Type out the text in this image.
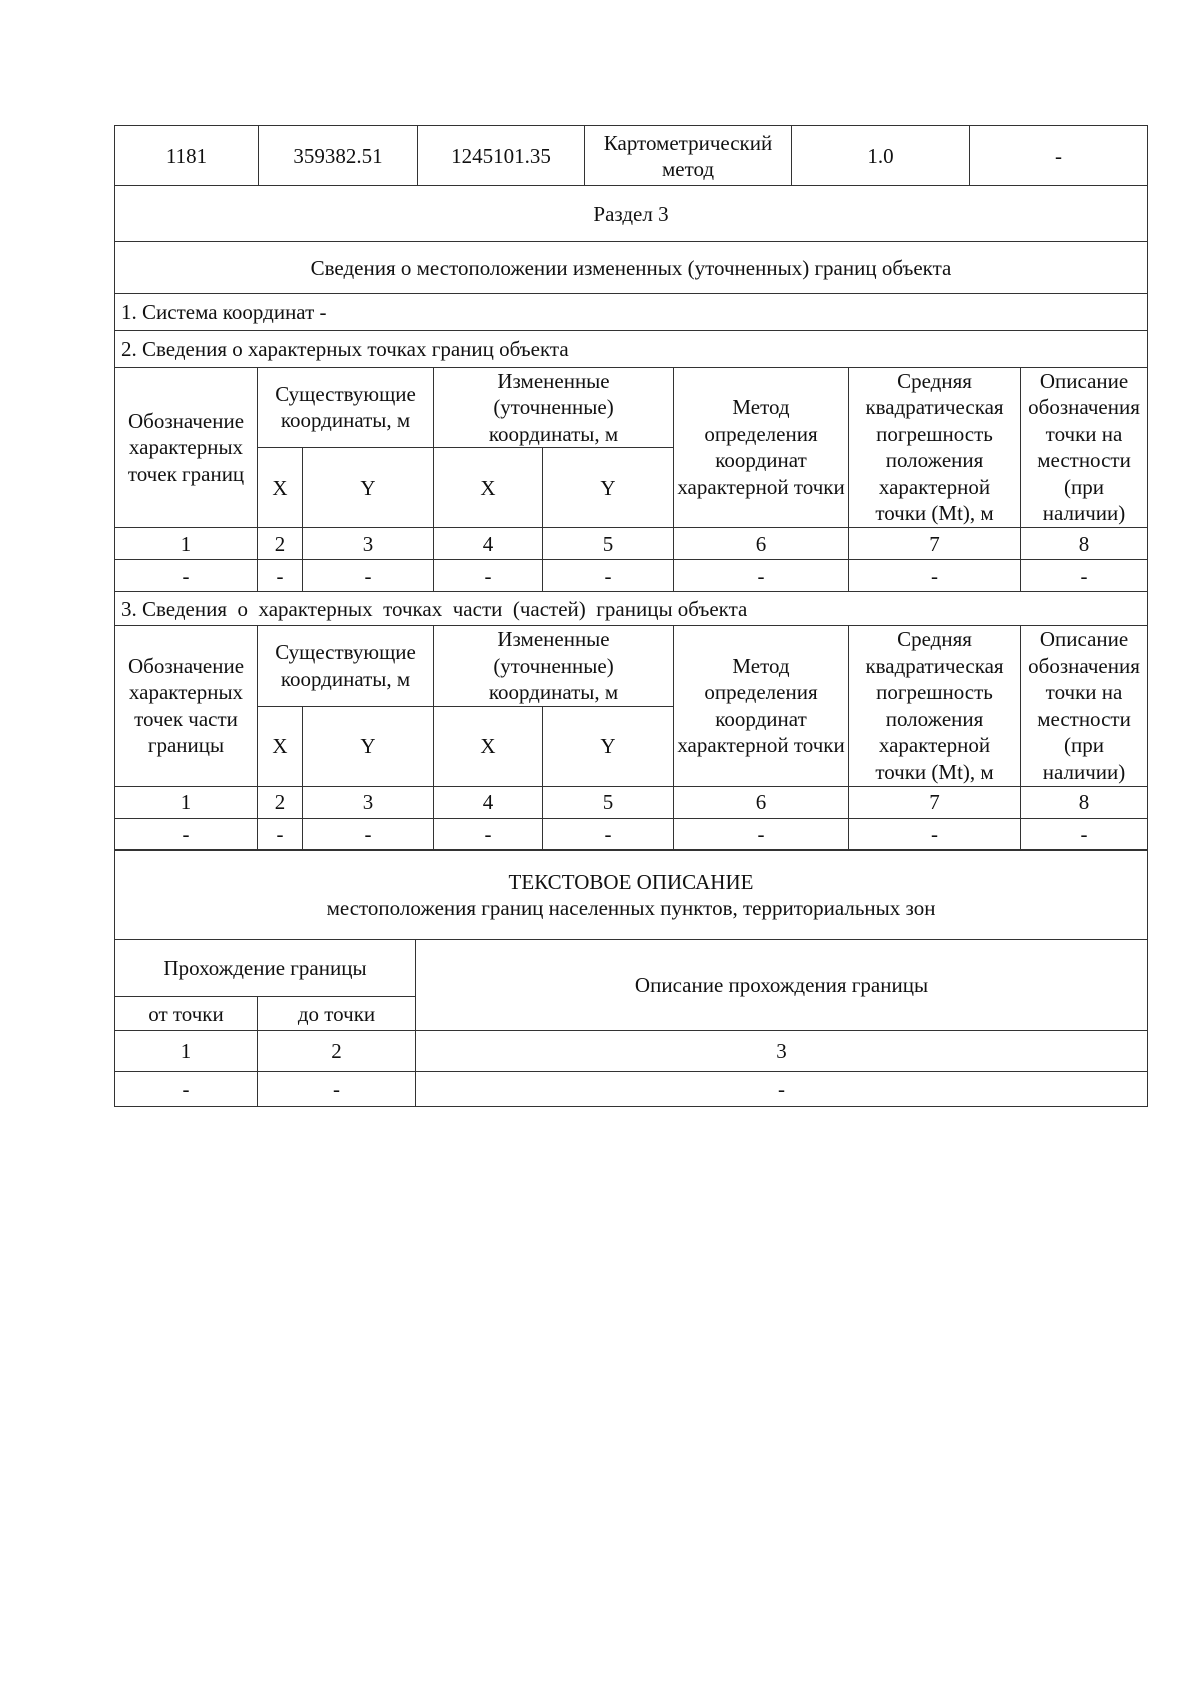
1181	359382.51	1245101.35	Картометрический метод	1.0	-
Раздел 3
Сведения о местоположении измененных (уточненных) границ объекта
1. Система координат -
2. Сведения о характерных точках границ объекта
Обозначение характерных точек границ	Существующие координаты, м		Измененные (уточненные) координаты, м		Метод определения координат характерной точки	Средняя квадратическая погрешность положения характерной точки (Mt), м	Описание обозначения точки на местности (при наличии)
	X	Y	X	Y			
1	2	3	4	5	6	7	8
-	-	-	-	-	-	-	-
3. Сведения  о  характерных  точках  части  (частей)  границы объекта							
Обозначение характерных точек части границы	Существующие координаты, м		Измененные (уточненные) координаты, м		Метод определения координат характерной точки	Средняя квадратическая погрешность положения характерной точки (Mt), м	Описание обозначения точки на местности (при наличии)
	X	Y	X	Y			
1	2	3	4	5	6	7	8
-	-	-	-	-	-	-	-
ТЕКСТОВОЕ ОПИСАНИЕ
местоположения границ населенных пунктов, территориальных зон		

Прохождение границы		Описание прохождения границы
от точки	до точки	
1	2	3
-	-	-
